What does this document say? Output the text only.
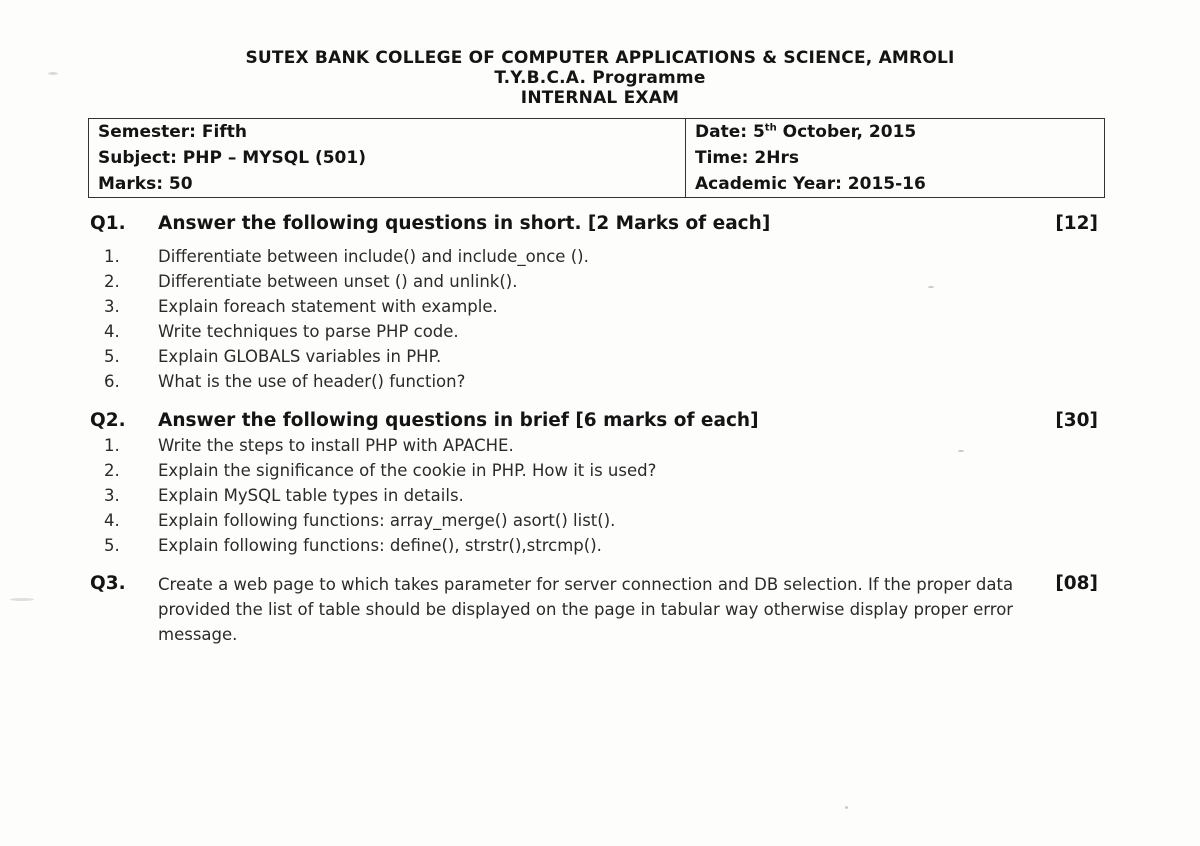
SUTEX BANK COLLEGE OF COMPUTER APPLICATIONS & SCIENCE, AMROLI
T.Y.B.C.A. Programme
INTERNAL EXAM
Semester: Fifth	Date: 5th October, 2015
Subject: PHP – MYSQL (501)	Time: 2Hrs
Marks: 50	Academic Year: 2015-16
Q1. Answer the following questions in short. [2 Marks of each]	[12]
1.	Differentiate between include() and include_once ().
2.	Differentiate between unset () and unlink().
3.	Explain foreach statement with example.
4.	Write techniques to parse PHP code.
5.	Explain GLOBALS variables in PHP.
6.	What is the use of header() function?
Q2. Answer the following questions in brief [6 marks of each]	[30]
1.	Write the steps to install PHP with APACHE.
2.	Explain the significance of the cookie in PHP. How it is used?
3.	Explain MySQL table types in details.
4.	Explain following functions: array_merge() asort() list().
5.	Explain following functions: define(), strstr(),strcmp().
Q3. Create a web page to which takes parameter for server connection and DB selection. If the proper data provided the list of table should be displayed on the page in tabular way otherwise display proper error message.
[08]
